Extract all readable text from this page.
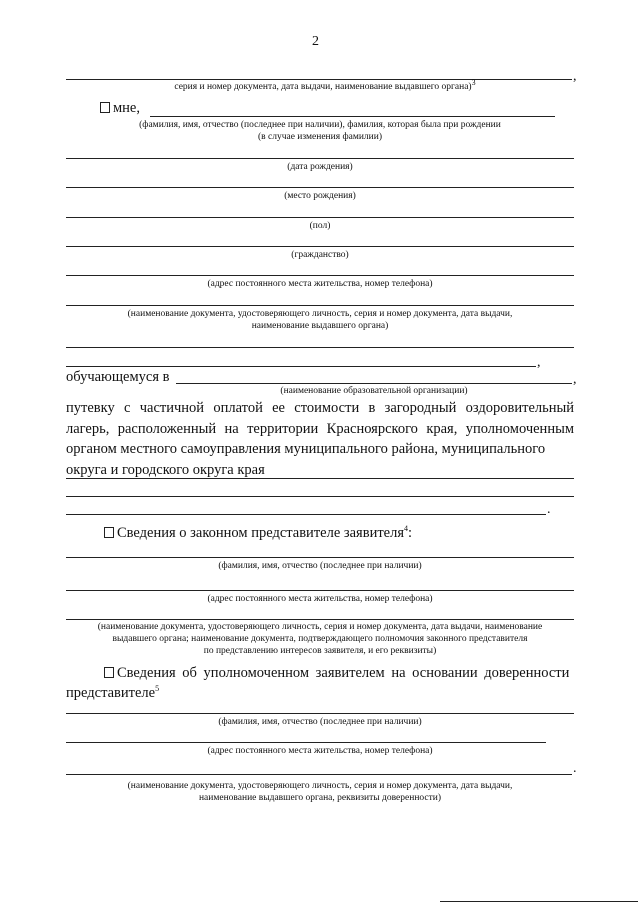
2
,
серия и номер документа, дата выдачи, наименование выдавшего органа)$^3$
мне,
(фамилия, имя, отчество (последнее при наличии), фамилия, которая была при рождении
(в случае изменения фамилии)
(дата рождения)
(место рождения)
(пол)
(гражданство)
(адрес постоянного места жительства, номер телефона)
(наименование документа, удостоверяющего личность, серия и номер документа, дата выдачи,
наименование выдавшего органа)
,
обучающемуся в	,
(наименование образовательной организации)
путевку с частичной оплатой ее стоимости в загородный оздоровительный лагерь, расположенный на территории Красноярского края, уполномоченным органом местного самоуправления муниципального района, муниципального
округа и городского округа края
.
Сведения о законном представителе заявителя$^4$:
(фамилия, имя, отчество (последнее при наличии)
(адрес постоянного места жительства, номер телефона)
(наименование документа, удостоверяющего личность, серия и номер документа, дата выдачи, наименование
выдавшего органа; наименование документа, подтверждающего полномочия законного представителя
по представлению интересов заявителя, и его реквизиты)
Сведения об уполномоченном заявителем на основании доверенности
представителе$^5$
(фамилия, имя, отчество (последнее при наличии)
(адрес постоянного места жительства, номер телефона)
.
(наименование документа, удостоверяющего личность, серия и номер документа, дата выдачи,
наименование выдавшего органа, реквизиты доверенности)
